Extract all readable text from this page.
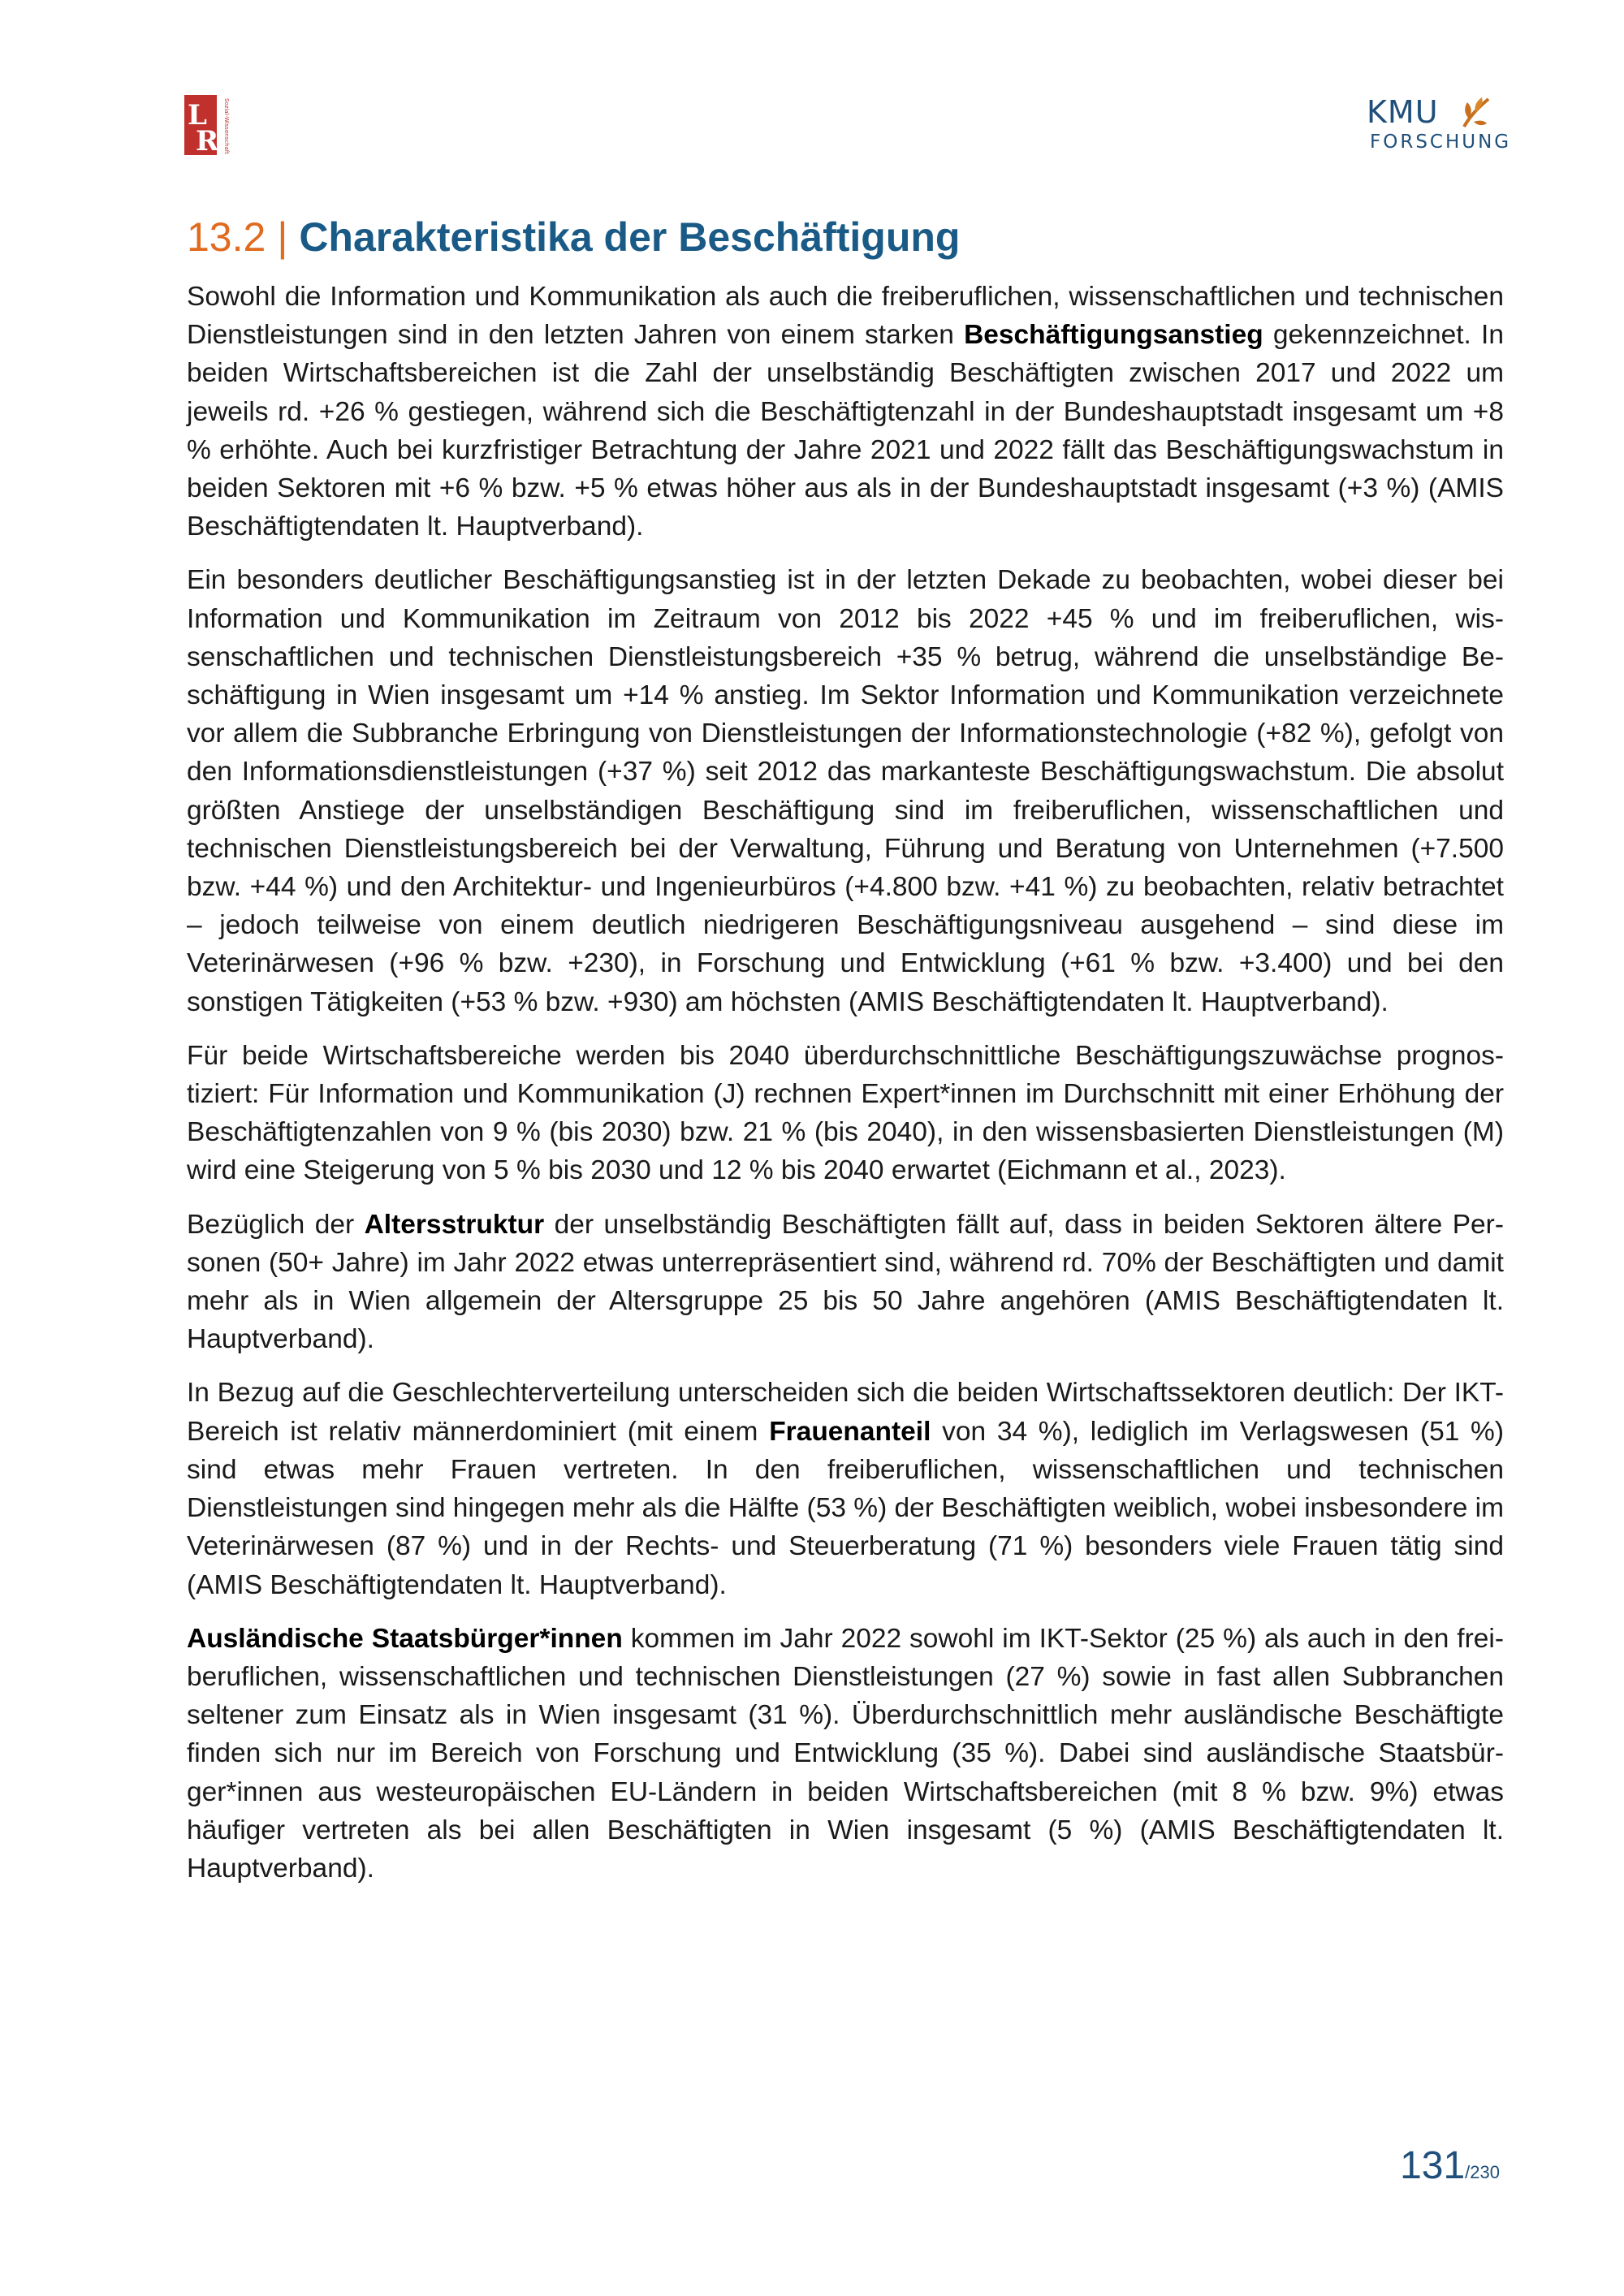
L
R Sozial-Wissenschaft	KMU
FORSCHUNG
13.2 | Charakteristika der Beschäftigung

Sowohl die Information und Kommunikation als auch die freiberuflichen, wissenschaftlichen und technischen Dienstleistungen sind in den letzten Jahren von einem starken Beschäftigungsanstieg gekennzeichnet. In beiden Wirtschaftsbereichen ist die Zahl der unselbständig Beschäftigten zwischen 2017 und 2022 um jeweils rd. +26 % gestiegen, während sich die Beschäftigtenzahl in der Bundeshauptstadt insgesamt um +8 % erhöhte. Auch bei kurzfristiger Betrachtung der Jahre 2021 und 2022 fällt das Beschäftigungswachstum in beiden Sektoren mit +6 % bzw. +5 % etwas höher aus als in der Bundeshauptstadt insgesamt (+3 %) (AMIS Beschäftigtendaten lt. Hauptverband).

Ein besonders deutlicher Beschäftigungsanstieg ist in der letzten Dekade zu beobachten, wobei dieser bei Information und Kommunikation im Zeitraum von 2012 bis 2022 +45 % und im freiberuflichen, wissenschaftlichen und technischen Dienstleistungsbereich +35 % betrug, während die unselbständige Beschäftigung in Wien insgesamt um +14 % anstieg. Im Sektor Information und Kommunikation verzeichnete vor allem die Subbranche Erbringung von Dienstleistungen der Informationstechnologie (+82 %), gefolgt von den Informationsdienstleistungen (+37 %) seit 2012 das markanteste Beschäftigungswachstum. Die absolut größten Anstiege der unselbständigen Beschäftigung sind im freiberuflichen, wissenschaftlichen und technischen Dienstleistungsbereich bei der Verwaltung, Führung und Beratung von Unternehmen (+7.500 bzw. +44 %) und den Architektur- und Ingenieurbüros (+4.800 bzw. +41 %) zu beobachten, relativ betrachtet – jedoch teilweise von einem deutlich niedrigeren Beschäftigungsniveau ausgehend – sind diese im Veterinärwesen (+96 % bzw. +230), in Forschung und Entwicklung (+61 % bzw. +3.400) und bei den sonstigen Tätigkeiten (+53 % bzw. +930) am höchsten (AMIS Beschäftigtendaten lt. Hauptverband).

Für beide Wirtschaftsbereiche werden bis 2040 überdurchschnittliche Beschäftigungszuwächse prognostiziert: Für Information und Kommunikation (J) rechnen Expert*innen im Durchschnitt mit einer Erhöhung der Beschäftigtenzahlen von 9 % (bis 2030) bzw. 21 % (bis 2040), in den wissensbasierten Dienstleistungen (M) wird eine Steigerung von 5 % bis 2030 und 12 % bis 2040 erwartet (Eichmann et al., 2023).

Bezüglich der Altersstruktur der unselbständig Beschäftigten fällt auf, dass in beiden Sektoren ältere Personen (50+ Jahre) im Jahr 2022 etwas unterrepräsentiert sind, während rd. 70% der Beschäftigten und damit mehr als in Wien allgemein der Altersgruppe 25 bis 50 Jahre angehören (AMIS Beschäftigtendaten lt. Hauptverband).

In Bezug auf die Geschlechterverteilung unterscheiden sich die beiden Wirtschaftssektoren deutlich: Der IKT-Bereich ist relativ männerdominiert (mit einem Frauenanteil von 34 %), lediglich im Verlagswesen (51 %) sind etwas mehr Frauen vertreten. In den freiberuflichen, wissenschaftlichen und technischen Dienstleistungen sind hingegen mehr als die Hälfte (53 %) der Beschäftigten weiblich, wobei insbesondere im Veterinärwesen (87 %) und in der Rechts- und Steuerberatung (71 %) besonders viele Frauen tätig sind (AMIS Beschäftigtendaten lt. Hauptverband).

Ausländische Staatsbürger*innen kommen im Jahr 2022 sowohl im IKT-Sektor (25 %) als auch in den freiberuflichen, wissenschaftlichen und technischen Dienstleistungen (27 %) sowie in fast allen Subbranchen seltener zum Einsatz als in Wien insgesamt (31 %). Überdurchschnittlich mehr ausländische Beschäftigte finden sich nur im Bereich von Forschung und Entwicklung (35 %). Dabei sind ausländische Staatsbürger*innen aus westeuropäischen EU-Ländern in beiden Wirtschaftsbereichen (mit 8 % bzw. 9%) etwas häufiger vertreten als bei allen Beschäftigten in Wien insgesamt (5 %) (AMIS Beschäftigtendaten lt. Hauptverband).

131/230
